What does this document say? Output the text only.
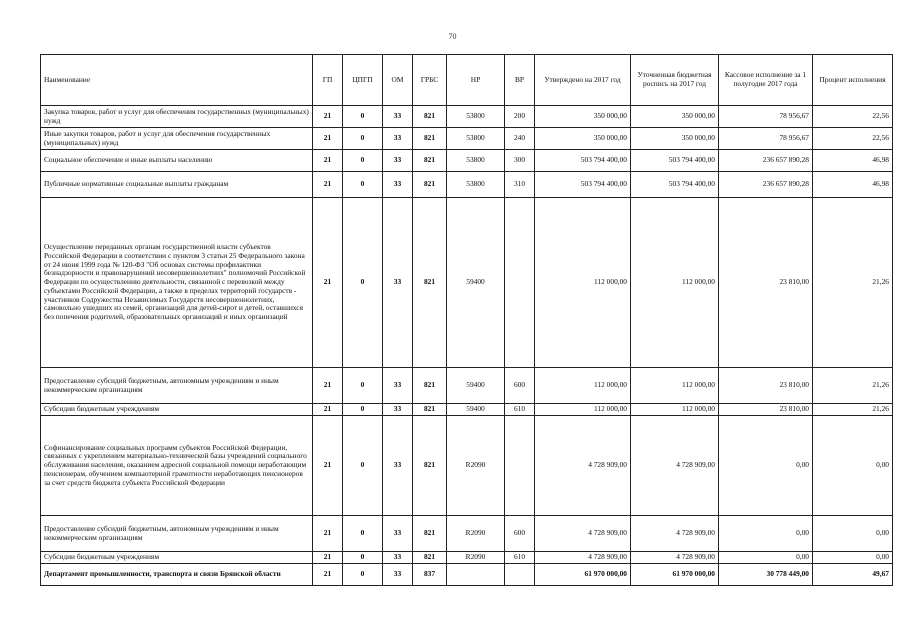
70
Наименование	ГП	ЦПГП	ОМ	ГРБС	НР	ВР	Утверждено на 2017 год	Уточненная бюджетная роспись на 2017 год	Кассовое исполнение за 1 полугодие 2017 года	Процент исполнения
Закупка товаров, работ и услуг для обеспечения государственных (муниципальных) нужд	21	0	33	821	53800	200	350 000,00	350 000,00	78 956,67	22,56
Иные закупки товаров, работ и услуг для обеспечения государственных (муниципальных) нужд	21	0	33	821	53800	240	350 000,00	350 000,00	78 956,67	22,56
Социальное обеспечение и иные выплаты населению	21	0	33	821	53800	300	503 794 400,00	503 794 400,00	236 657 890,28	46,98
Публичные нормативные социальные выплаты гражданам	21	0	33	821	53800	310	503 794 400,00	503 794 400,00	236 657 890,28	46,98
Осуществление переданных органам государственной власти субъектов Российской Федерации в соответствии с пунктом 3 статьи 25 Федерального закона от 24 июня 1999 года № 120-ФЗ "Об основах системы профилактики безнадзорности и правонарушений несовершеннолетних" полномочий Российской Федерации по осуществлению деятельности, связанной с перевозкой между субъектами Российской Федерации, а также в пределах территорий государств - участников Содружества Независимых Государств несовершеннолетних, самовольно ушедших из семей, организаций для детей-сирот и детей, оставшихся без попечения родителей, образовательных организаций и иных организаций	21	0	33	821	59400		112 000,00	112 000,00	23 810,00	21,26
Предоставление субсидий бюджетным, автономным учреждениям и иным некоммерческим организациям	21	0	33	821	59400	600	112 000,00	112 000,00	23 810,00	21,26
Субсидии бюджетным учреждениям	21	0	33	821	59400	610	112 000,00	112 000,00	23 810,00	21,26
Софинансирование социальных программ субъектов Российской Федерации, связанных с укреплением материально-технической базы учреждений социального обслуживания населения, оказанием адресной социальной помощи неработающим пенсионерам, обучением компьютерной грамотности неработающих пенсионеров за счет средств бюджета субъекта Российской Федерации	21	0	33	821	R2090		4 728 909,00	4 728 909,00	0,00	0,00
Предоставление субсидий бюджетным, автономным учреждениям и иным некоммерческим организациям	21	0	33	821	R2090	600	4 728 909,00	4 728 909,00	0,00	0,00
Субсидии бюджетным учреждениям	21	0	33	821	R2090	610	4 728 909,00	4 728 909,00	0,00	0,00
Департамент промышленности, транспорта и связи Брянской области	21	0	33	837			61 970 000,00	61 970 000,00	30 778 449,00	49,67
